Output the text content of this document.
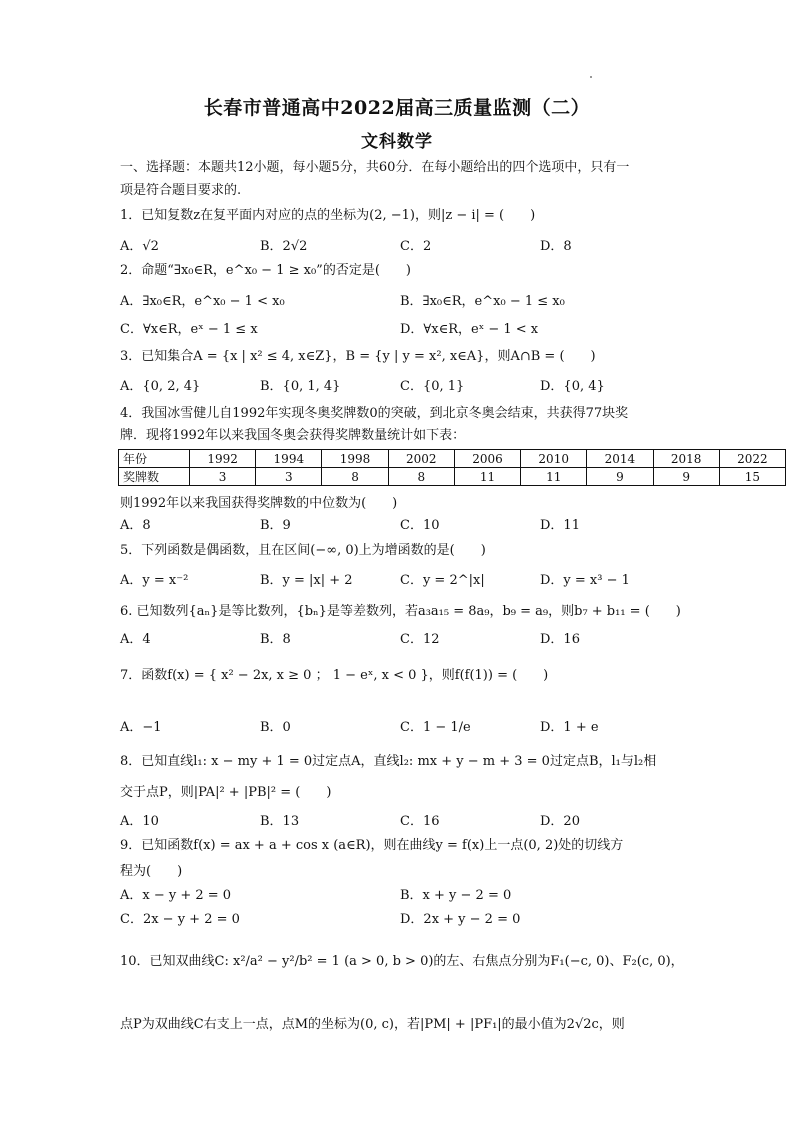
长春市普通高中2022届高三质量监测（二）
文科数学
一、选择题：本题共12小题，每小题5分，共60分．在每小题给出的四个选项中，只有一
项是符合题目要求的.
1．已知复数z在复平面内对应的点的坐标为(2, −1)，则|z − i| = (　　)
A．√2	B．2√2	C．2	D．8
2．命题“∃x₀∈R，e^x₀ − 1 ≥ x₀”的否定是(　　)
A．∃x₀∈R，e^x₀ − 1 < x₀	B．∃x₀∈R，e^x₀ − 1 ≤ x₀
C．∀x∈R，eˣ − 1 ≤ x	D．∀x∈R，eˣ − 1 < x
3．已知集合A = {x | x² ≤ 4, x∈Z}，B = {y | y = x², x∈A}，则A∩B = (　　)
A．{0, 2, 4}	B．{0, 1, 4}	C．{0, 1}	D．{0, 4}
4．我国冰雪健儿自1992年实现冬奥奖牌数0的突破，到北京冬奥会结束，共获得77块奖
牌．现将1992年以来我国冬奥会获得奖牌数量统计如下表：
年份	1992	1994	1998	2002	2006	2010	2014	2018	2022
奖牌数	3	3	8	8	11	11	9	9	15
则1992年以来我国获得奖牌数的中位数为(　　)
A．8	B．9	C．10	D．11
5．下列函数是偶函数，且在区间(−∞, 0)上为增函数的是(　　)
A．y = x⁻²	B．y = |x| + 2	C．y = 2^|x|	D．y = x³ − 1
6. 已知数列{aₙ}是等比数列，{bₙ}是等差数列，若a₃a₁₅ = 8a₉，b₉ = a₉，则b₇ + b₁₁ = (　　)
A．4	B．8	C．12	D．16
7．函数f(x) = { x² − 2x, x ≥ 0 ； 1 − eˣ, x < 0 }，则f(f(1)) = (　　)
A．−1	B．0	C．1 − 1/e	D．1 + e
8．已知直线l₁: x − my + 1 = 0过定点A，直线l₂: mx + y − m + 3 = 0过定点B，l₁与l₂相
交于点P，则|PA|² + |PB|² = (　　)
A．10	B．13	C．16	D．20
9．已知函数f(x) = ax + a + cos x (a∈R)，则在曲线y = f(x)上一点(0, 2)处的切线方
程为(　　)
A．x − y + 2 = 0	B．x + y − 2 = 0
C．2x − y + 2 = 0	D．2x + y − 2 = 0
10．已知双曲线C: x²/a² − y²/b² = 1 (a > 0, b > 0)的左、右焦点分别为F₁(−c, 0)、F₂(c, 0)，
点P为双曲线C右支上一点，点M的坐标为(0, c)，若|PM| + |PF₁|的最小值为2√2c，则
